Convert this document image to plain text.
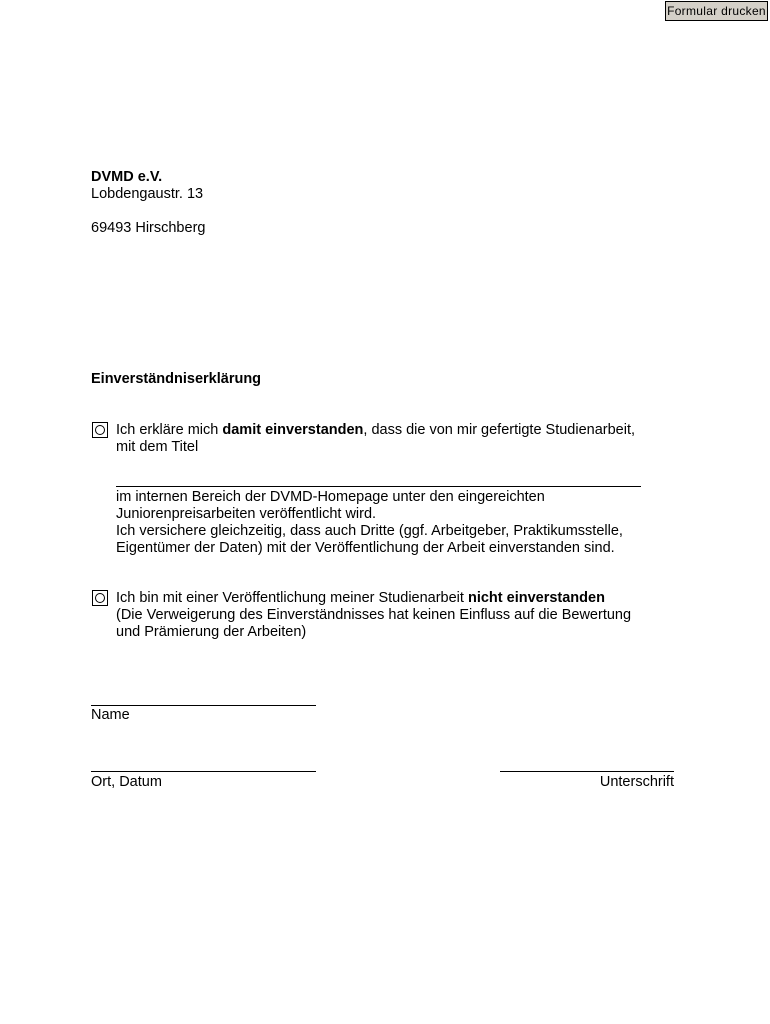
Formular drucken
DVMD e.V.
Lobdengaustr. 13
69493 Hirschberg
Einverständniserklärung
Ich erkläre mich damit einverstanden, dass die von mir gefertigte Studienarbeit,
mit dem Titel
im internen Bereich der DVMD-Homepage unter den eingereichten
Juniorenpreisarbeiten veröffentlicht wird.
Ich versichere gleichzeitig, dass auch Dritte (ggf. Arbeitgeber, Praktikumsstelle,
Eigentümer der Daten) mit der Veröffentlichung der Arbeit einverstanden sind.
Ich bin mit einer Veröffentlichung meiner Studienarbeit nicht einverstanden
(Die Verweigerung des Einverständnisses hat keinen Einfluss auf die Bewertung
und Prämierung der Arbeiten)
Name
Ort, Datum	Unterschrift
